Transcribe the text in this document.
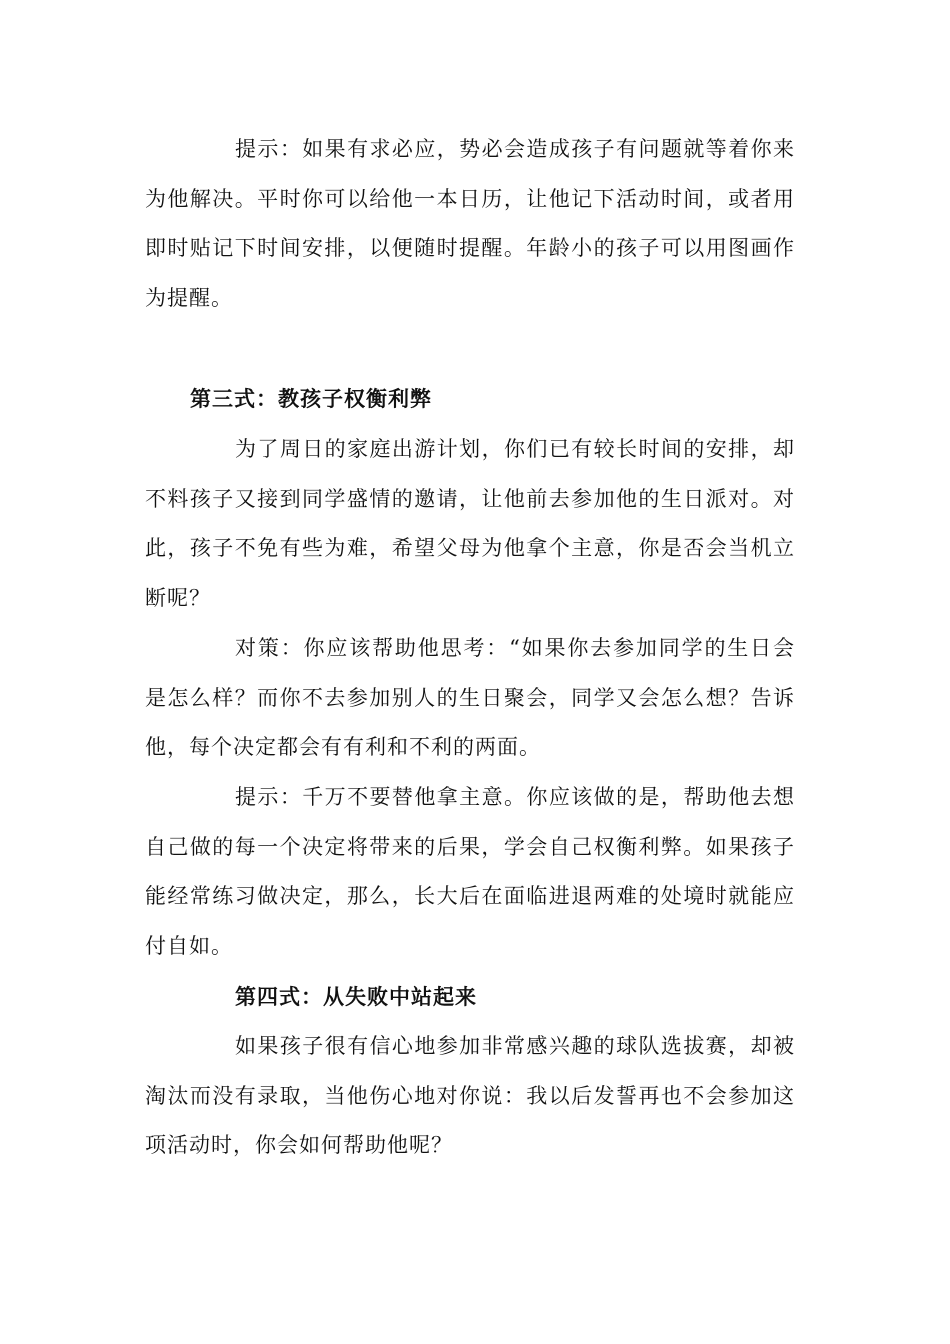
提示：如果有求必应，势必会造成孩子有问题就等着你来为他解决。平时你可以给他一本日历，让他记下活动时间，或者用即时贴记下时间安排，以便随时提醒。年龄小的孩子可以用图画作为提醒。

第三式：教孩子权衡利弊

为了周日的家庭出游计划，你们已有较长时间的安排，却不料孩子又接到同学盛情的邀请，让他前去参加他的生日派对。对此，孩子不免有些为难，希望父母为他拿个主意，你是否会当机立断呢？

对策：你应该帮助他思考：“如果你去参加同学的生日会是怎么样？而你不去参加别人的生日聚会，同学又会怎么想？告诉他，每个决定都会有有利和不利的两面。

提示：千万不要替他拿主意。你应该做的是，帮助他去想自己做的每一个决定将带来的后果，学会自己权衡利弊。如果孩子能经常练习做决定，那么，长大后在面临进退两难的处境时就能应付自如。

第四式：从失败中站起来

如果孩子很有信心地参加非常感兴趣的球队选拔赛，却被淘汰而没有录取，当他伤心地对你说：我以后发誓再也不会参加这项活动时，你会如何帮助他呢？
